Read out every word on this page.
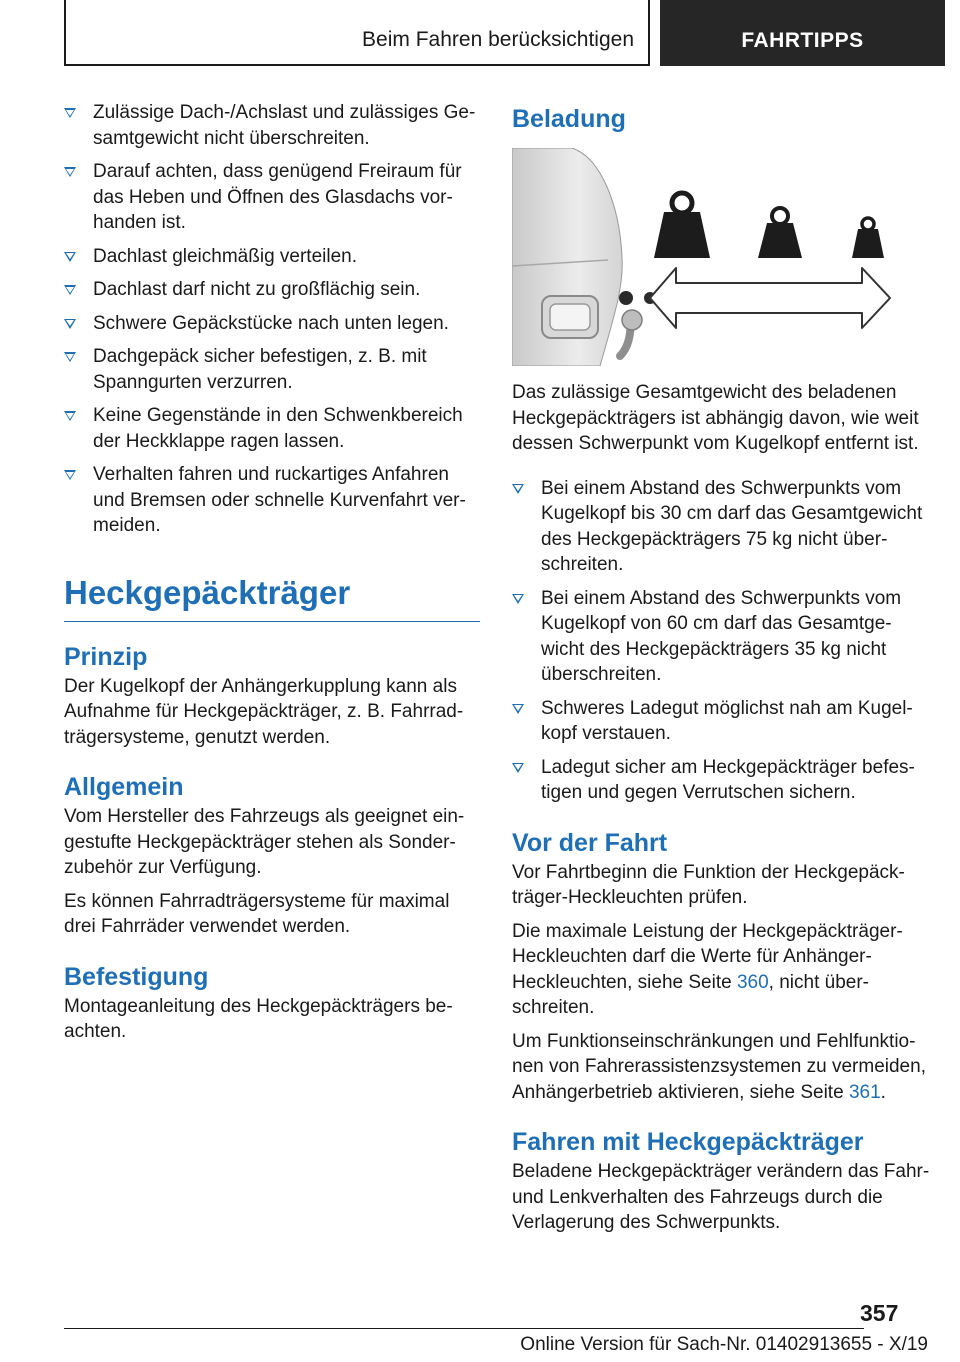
Beim Fahren berücksichtigen	FAHRTIPPS
Zulässige Dach-/Achslast und zulässiges Ge-samtgewicht nicht überschreiten.
Darauf achten, dass genügend Freiraum für das Heben und Öffnen des Glasdachs vor-handen ist.
Dachlast gleichmäßig verteilen.
Dachlast darf nicht zu großflächig sein.
Schwere Gepäckstücke nach unten legen.
Dachgepäck sicher befestigen, z. B. mit Spanngurten verzurren.
Keine Gegenstände in den Schwenkbereich der Heckklappe ragen lassen.
Verhalten fahren und ruckartiges Anfahren und Bremsen oder schnelle Kurvenfahrt ver-meiden.
Heckgepäckträger
Prinzip

Der Kugelkopf der Anhängerkupplung kann als Aufnahme für Heckgepäckträger, z. B. Fahrrad-trägersysteme, genutzt werden.

Allgemein

Vom Hersteller des Fahrzeugs als geeignet ein-gestufte Heckgepäckträger stehen als Sonder-zubehör zur Verfügung.

Es können Fahrradträgersysteme für maximal drei Fahrräder verwendet werden.

Befestigung

Montageanleitung des Heckgepäckträgers be-achten.

Beladung

Das zulässige Gesamtgewicht des beladenen Heckgepäckträgers ist abhängig davon, wie weit dessen Schwerpunkt vom Kugelkopf entfernt ist.

Bei einem Abstand des Schwerpunkts vom Kugelkopf bis 30 cm darf das Gesamtgewicht des Heckgepäckträgers 75 kg nicht über-schreiten.
Bei einem Abstand des Schwerpunkts vom Kugelkopf von 60 cm darf das Gesamtge-wicht des Heckgepäckträgers 35 kg nicht überschreiten.
Schweres Ladegut möglichst nah am Kugel-kopf verstauen.
Ladegut sicher am Heckgepäckträger befes-tigen und gegen Verrutschen sichern.
Vor der Fahrt

Vor Fahrtbeginn die Funktion der Heckgepäck-träger-Heckleuchten prüfen.

Die maximale Leistung der Heckgepäckträger-Heckleuchten darf die Werte für Anhänger-Heckleuchten, siehe Seite 360, nicht über-schreiten.

Um Funktionseinschränkungen und Fehlfunktio-nen von Fahrerassistenzsystemen zu vermeiden, Anhängerbetrieb aktivieren, siehe Seite 361.

Fahren mit Heckgepäckträger

Beladene Heckgepäckträger verändern das Fahr- und Lenkverhalten des Fahrzeugs durch die Verlagerung des Schwerpunkts.

357
Online Version für Sach-Nr. 01402913655 - X/19
